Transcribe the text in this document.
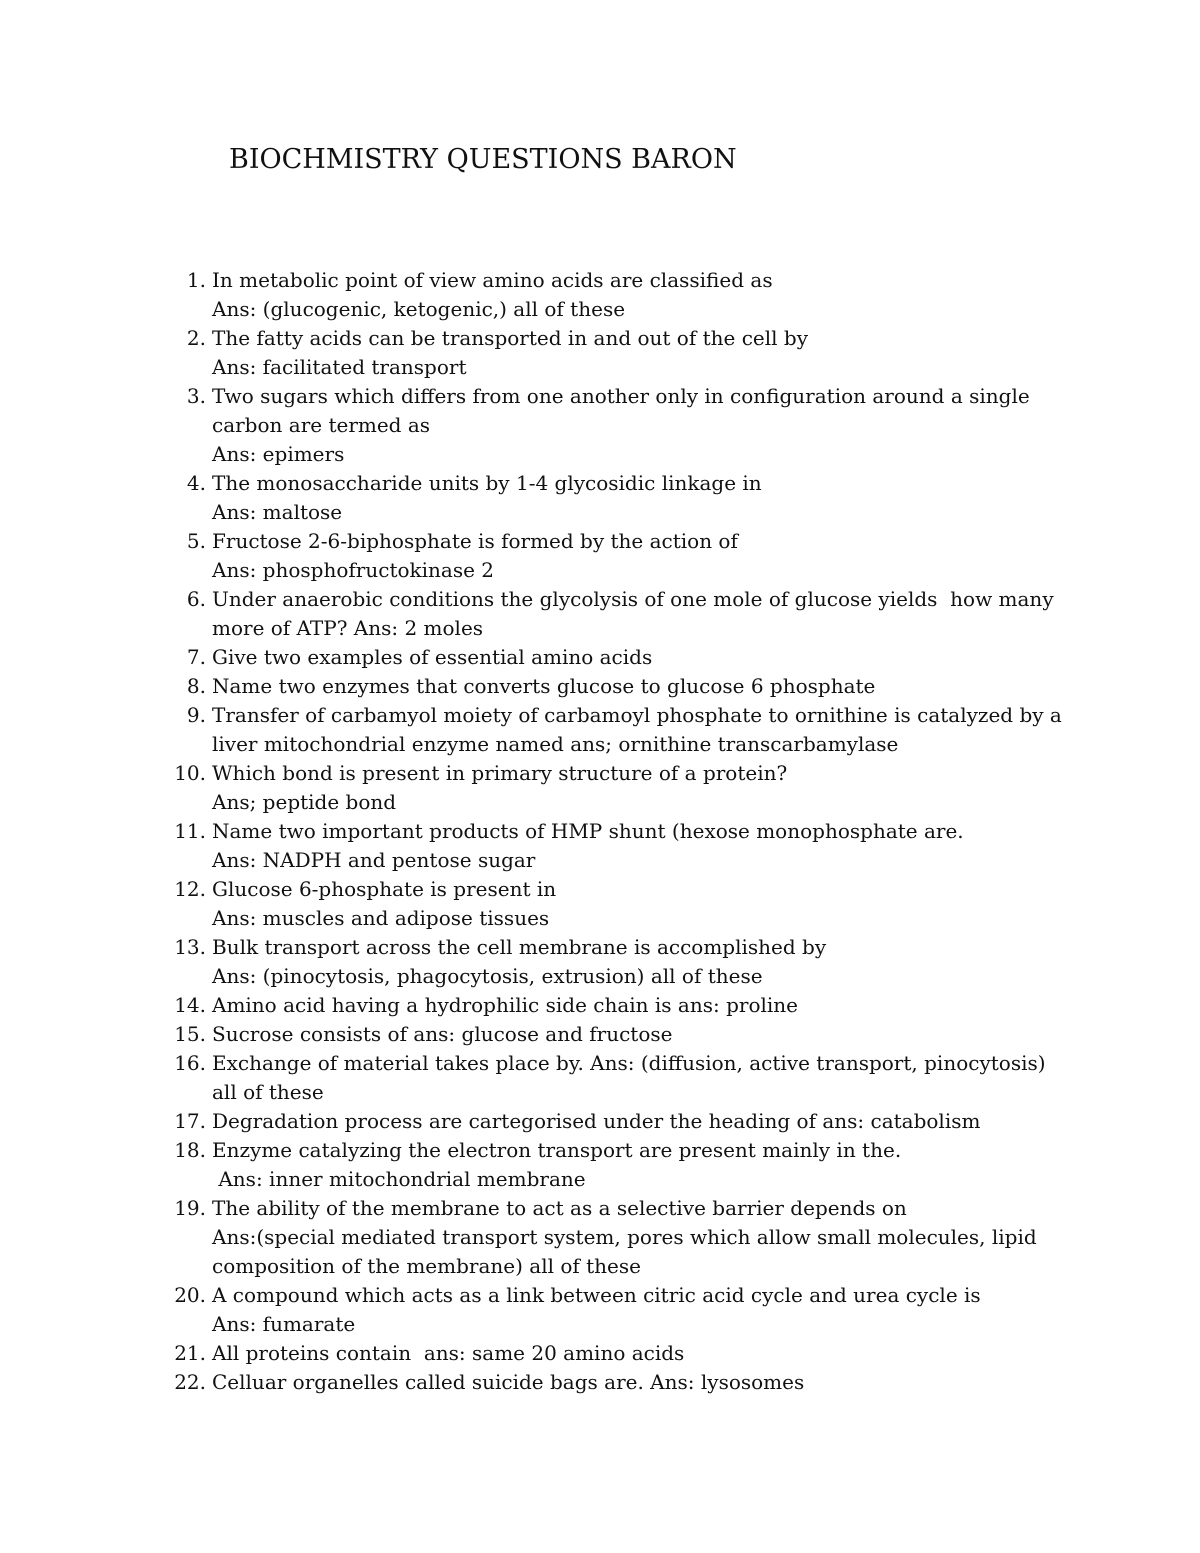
BIOCHMISTRY QUESTIONS BARON
1. In metabolic point of view amino acids are classified as
Ans: (glucogenic, ketogenic,) all of these
2. The fatty acids can be transported in and out of the cell by
Ans: facilitated transport
3. Two sugars which differs from one another only in configuration around a single
carbon are termed as
Ans: epimers
4. The monosaccharide units by 1-4 glycosidic linkage in
Ans: maltose
5. Fructose 2-6-biphosphate is formed by the action of
Ans: phosphofructokinase 2
6. Under anaerobic conditions the glycolysis of one mole of glucose yields  how many
more of ATP? Ans: 2 moles
7. Give two examples of essential amino acids
8. Name two enzymes that converts glucose to glucose 6 phosphate
9. Transfer of carbamyol moiety of carbamoyl phosphate to ornithine is catalyzed by a
liver mitochondrial enzyme named ans; ornithine transcarbamylase
10. Which bond is present in primary structure of a protein?
Ans; peptide bond
11. Name two important products of HMP shunt (hexose monophosphate are.
Ans: NADPH and pentose sugar
12. Glucose 6-phosphate is present in
Ans: muscles and adipose tissues
13. Bulk transport across the cell membrane is accomplished by
Ans: (pinocytosis, phagocytosis, extrusion) all of these
14. Amino acid having a hydrophilic side chain is ans: proline
15. Sucrose consists of ans: glucose and fructose
16. Exchange of material takes place by. Ans: (diffusion, active transport, pinocytosis)
all of these
17. Degradation process are cartegorised under the heading of ans: catabolism
18. Enzyme catalyzing the electron transport are present mainly in the.
Ans: inner mitochondrial membrane
19. The ability of the membrane to act as a selective barrier depends on
Ans:(special mediated transport system, pores which allow small molecules, lipid
composition of the membrane) all of these
20. A compound which acts as a link between citric acid cycle and urea cycle is
Ans: fumarate
21. All proteins contain  ans: same 20 amino acids
22. Celluar organelles called suicide bags are. Ans: lysosomes
